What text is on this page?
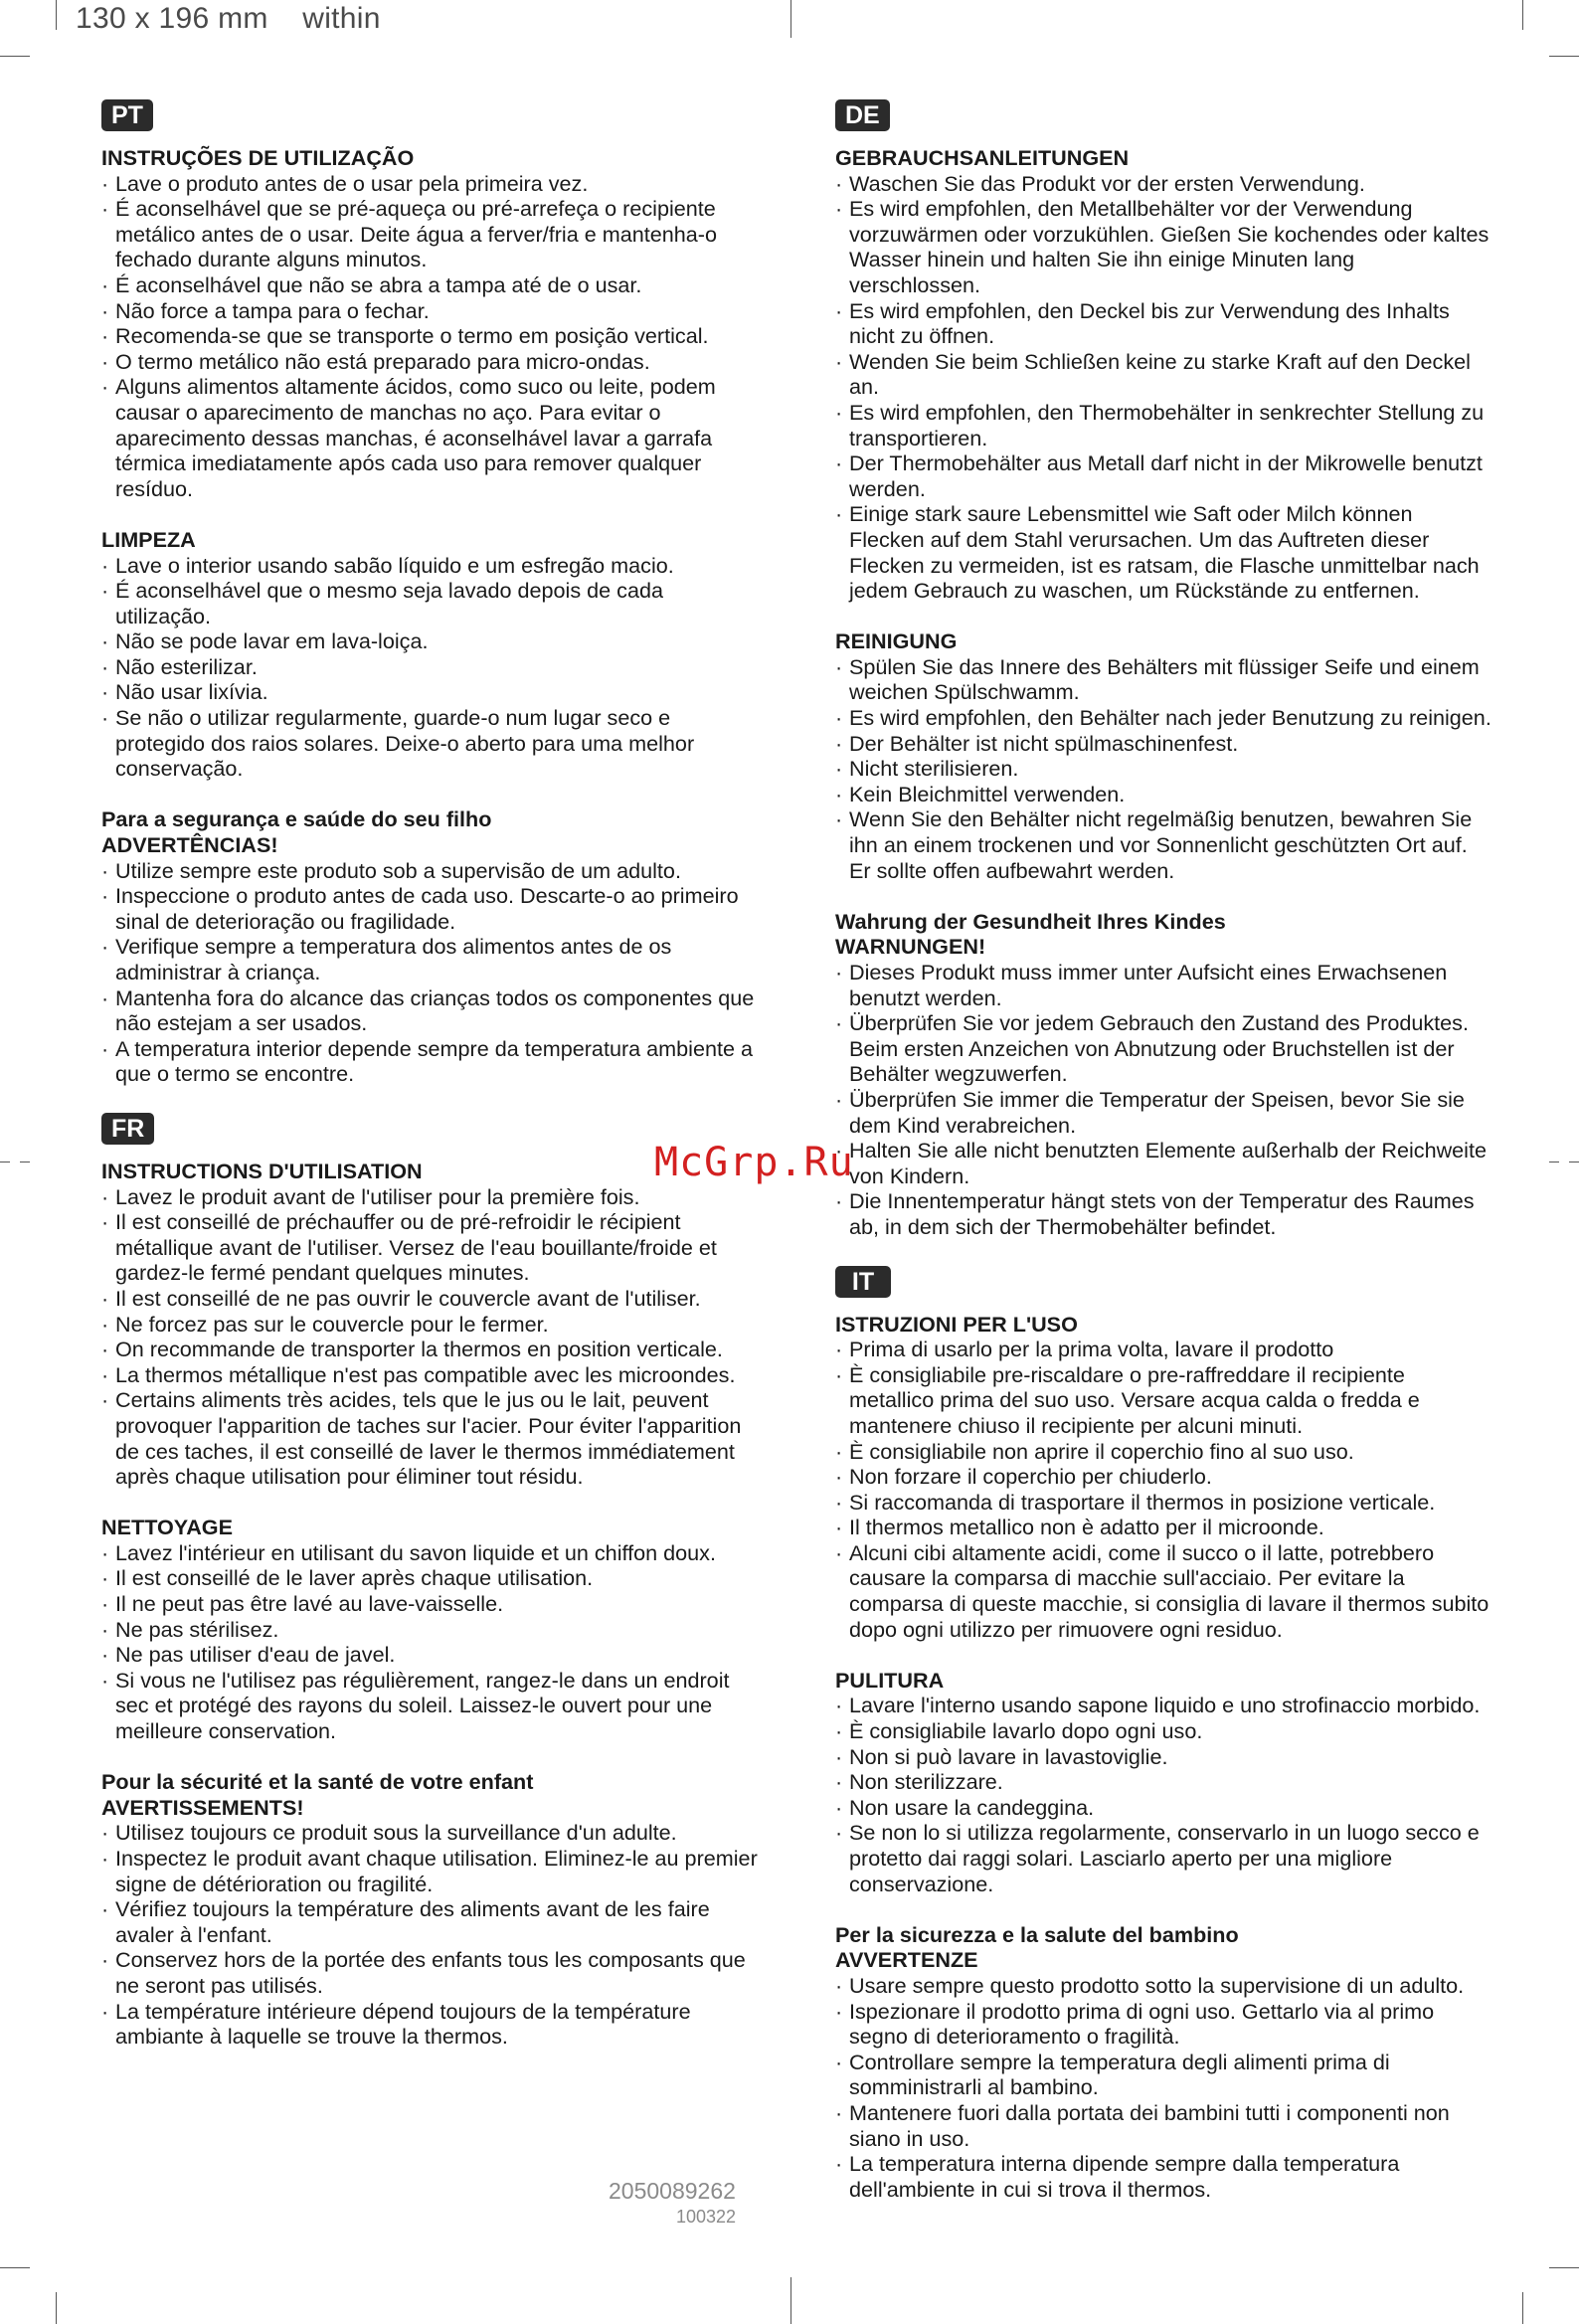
130 x 196 mm    within
PT

INSTRUÇÕES DE UTILIZAÇÃO

· Lave o produto antes de o usar pela primeira vez.
· É aconselhável que se pré-aqueça ou pré-arrefeça o recipiente metálico antes de o usar. Deite água a ferver/fria e mantenha-o fechado durante alguns minutos.
· É aconselhável que não se abra a tampa até de o usar.
· Não force a tampa para o fechar.
· Recomenda-se que se transporte o termo em posição vertical.
· O termo metálico não está preparado para micro-ondas.
· Alguns alimentos altamente ácidos, como suco ou leite, podem causar o aparecimento de manchas no aço. Para evitar o aparecimento dessas manchas, é aconselhável lavar a garrafa térmica imediatamente após cada uso para remover qualquer resíduo.

LIMPEZA

· Lave o interior usando sabão líquido e um esfregão macio.
· É aconselhável que o mesmo seja lavado depois de cada utilização.
· Não se pode lavar em lava-loiça.
· Não esterilizar.
· Não usar lixívia.
· Se não o utilizar regularmente, guarde-o num lugar seco e protegido dos raios solares. Deixe-o aberto para uma melhor conservação.

Para a segurança e saúde do seu filho

ADVERTÊNCIAS!

· Utilize sempre este produto sob a supervisão de um adulto.
· Inspeccione o produto antes de cada uso. Descarte-o ao primeiro sinal de deterioração ou fragilidade.
· Verifique sempre a temperatura dos alimentos antes de os administrar à criança.
· Mantenha fora do alcance das crianças todos os componentes que não estejam a ser usados.
· A temperatura interior depende sempre da temperatura ambiente a que o termo se encontre.
FR

INSTRUCTIONS D'UTILISATION

· Lavez le produit avant de l'utiliser pour la première fois.
· Il est conseillé de préchauffer ou de pré-refroidir le récipient métallique avant de l'utiliser. Versez de l'eau bouillante/froide et gardez-le fermé pendant quelques minutes.
· Il est conseillé de ne pas ouvrir le couvercle avant de l'utiliser.
· Ne forcez pas sur le couvercle pour le fermer.
· On recommande de transporter la thermos en position verticale.
· La thermos métallique n'est pas compatible avec les microondes.
· Certains aliments très acides, tels que le jus ou le lait, peuvent provoquer l'apparition de taches sur l'acier. Pour éviter l'apparition de ces taches, il est conseillé de laver le thermos immédiatement après chaque utilisation pour éliminer tout résidu.

NETTOYAGE

· Lavez l'intérieur en utilisant du savon liquide et un chiffon doux.
· Il est conseillé de le laver après chaque utilisation.
· Il ne peut pas être lavé au lave-vaisselle.
· Ne pas stérilisez.
· Ne pas utiliser d'eau de javel.
· Si vous ne l'utilisez pas régulièrement, rangez-le dans un endroit sec et protégé des rayons du soleil. Laissez-le ouvert pour une meilleure conservation.

Pour la sécurité et la santé de votre enfant

AVERTISSEMENTS!

· Utilisez toujours ce produit sous la surveillance d'un adulte.
· Inspectez le produit avant chaque utilisation. Eliminez-le au premier signe de détérioration ou fragilité.
· Vérifiez toujours la température des aliments avant de les faire avaler à l'enfant.
· Conservez hors de la portée des enfants tous les composants que ne seront pas utilisés.
· La température intérieure dépend toujours de la température ambiante à laquelle se trouve la thermos.
DE

GEBRAUCHSANLEITUNGEN

· Waschen Sie das Produkt vor der ersten Verwendung.
· Es wird empfohlen, den Metallbehälter vor der Verwendung vorzuwärmen oder vorzukühlen. Gießen Sie kochendes oder kaltes Wasser hinein und halten Sie ihn einige Minuten lang verschlossen.
· Es wird empfohlen, den Deckel bis zur Verwendung des Inhalts nicht zu öffnen.
· Wenden Sie beim Schließen keine zu starke Kraft auf den Deckel an.
· Es wird empfohlen, den Thermobehälter in senkrechter Stellung zu transportieren.
· Der Thermobehälter aus Metall darf nicht in der Mikrowelle benutzt werden.
· Einige stark saure Lebensmittel wie Saft oder Milch können Flecken auf dem Stahl verursachen. Um das Auftreten dieser Flecken zu vermeiden, ist es ratsam, die Flasche unmittelbar nach jedem Gebrauch zu waschen, um Rückstände zu entfernen.

REINIGUNG

· Spülen Sie das Innere des Behälters mit flüssiger Seife und einem weichen Spülschwamm.
· Es wird empfohlen, den Behälter nach jeder Benutzung zu reinigen.
· Der Behälter ist nicht spülmaschinenfest.
· Nicht sterilisieren.
· Kein Bleichmittel verwenden.
· Wenn Sie den Behälter nicht regelmäßig benutzen, bewahren Sie ihn an einem trockenen und vor Sonnenlicht geschützten Ort auf. Er sollte offen aufbewahrt werden.

Wahrung der Gesundheit Ihres Kindes

WARNUNGEN!

· Dieses Produkt muss immer unter Aufsicht eines Erwachsenen benutzt werden.
· Überprüfen Sie vor jedem Gebrauch den Zustand des Produktes. Beim ersten Anzeichen von Abnutzung oder Bruchstellen ist der Behälter wegzuwerfen.
· Überprüfen Sie immer die Temperatur der Speisen, bevor Sie sie dem Kind verabreichen.
· Halten Sie alle nicht benutzten Elemente außerhalb der Reichweite von Kindern.
· Die Innentemperatur hängt stets von der Temperatur des Raumes ab, in dem sich der Thermobehälter befindet.
IT

ISTRUZIONI PER L'USO

· Prima di usarlo per la prima volta, lavare il prodotto
· È consigliabile pre-riscaldare o pre-raffreddare il recipiente metallico prima del suo uso. Versare acqua calda o fredda e mantenere chiuso il recipiente per alcuni minuti.
· È consigliabile non aprire il coperchio fino al suo uso.
· Non forzare il coperchio per chiuderlo.
· Si raccomanda di trasportare il thermos in posizione verticale.
· Il thermos metallico non è adatto per il microonde.
· Alcuni cibi altamente acidi, come il succo o il latte, potrebbero causare la comparsa di macchie sull'acciaio. Per evitare la comparsa di queste macchie, si consiglia di lavare il thermos subito dopo ogni utilizzo per rimuovere ogni residuo.

PULITURA

· Lavare l'interno usando sapone liquido e uno strofinaccio morbido.
· È consigliabile lavarlo dopo ogni uso.
· Non si può lavare in lavastoviglie.
· Non sterilizzare.
· Non usare la candeggina.
· Se non lo si utilizza regolarmente, conservarlo in un luogo secco e protetto dai raggi solari. Lasciarlo aperto per una migliore conservazione.

Per la sicurezza e la salute del bambino

AVVERTENZE

· Usare sempre questo prodotto sotto la supervisione di un adulto.
· Ispezionare il prodotto prima di ogni uso. Gettarlo via al primo segno di deterioramento o fragilità.
· Controllare sempre la temperatura degli alimenti prima di somministrarli al bambino.
· Mantenere fuori dalla portata dei bambini tutti i componenti non siano in uso.
· La temperatura interna dipende sempre dalla temperatura dell'ambiente in cui si trova il thermos.
McGrp.Ru
2050089262
100322
